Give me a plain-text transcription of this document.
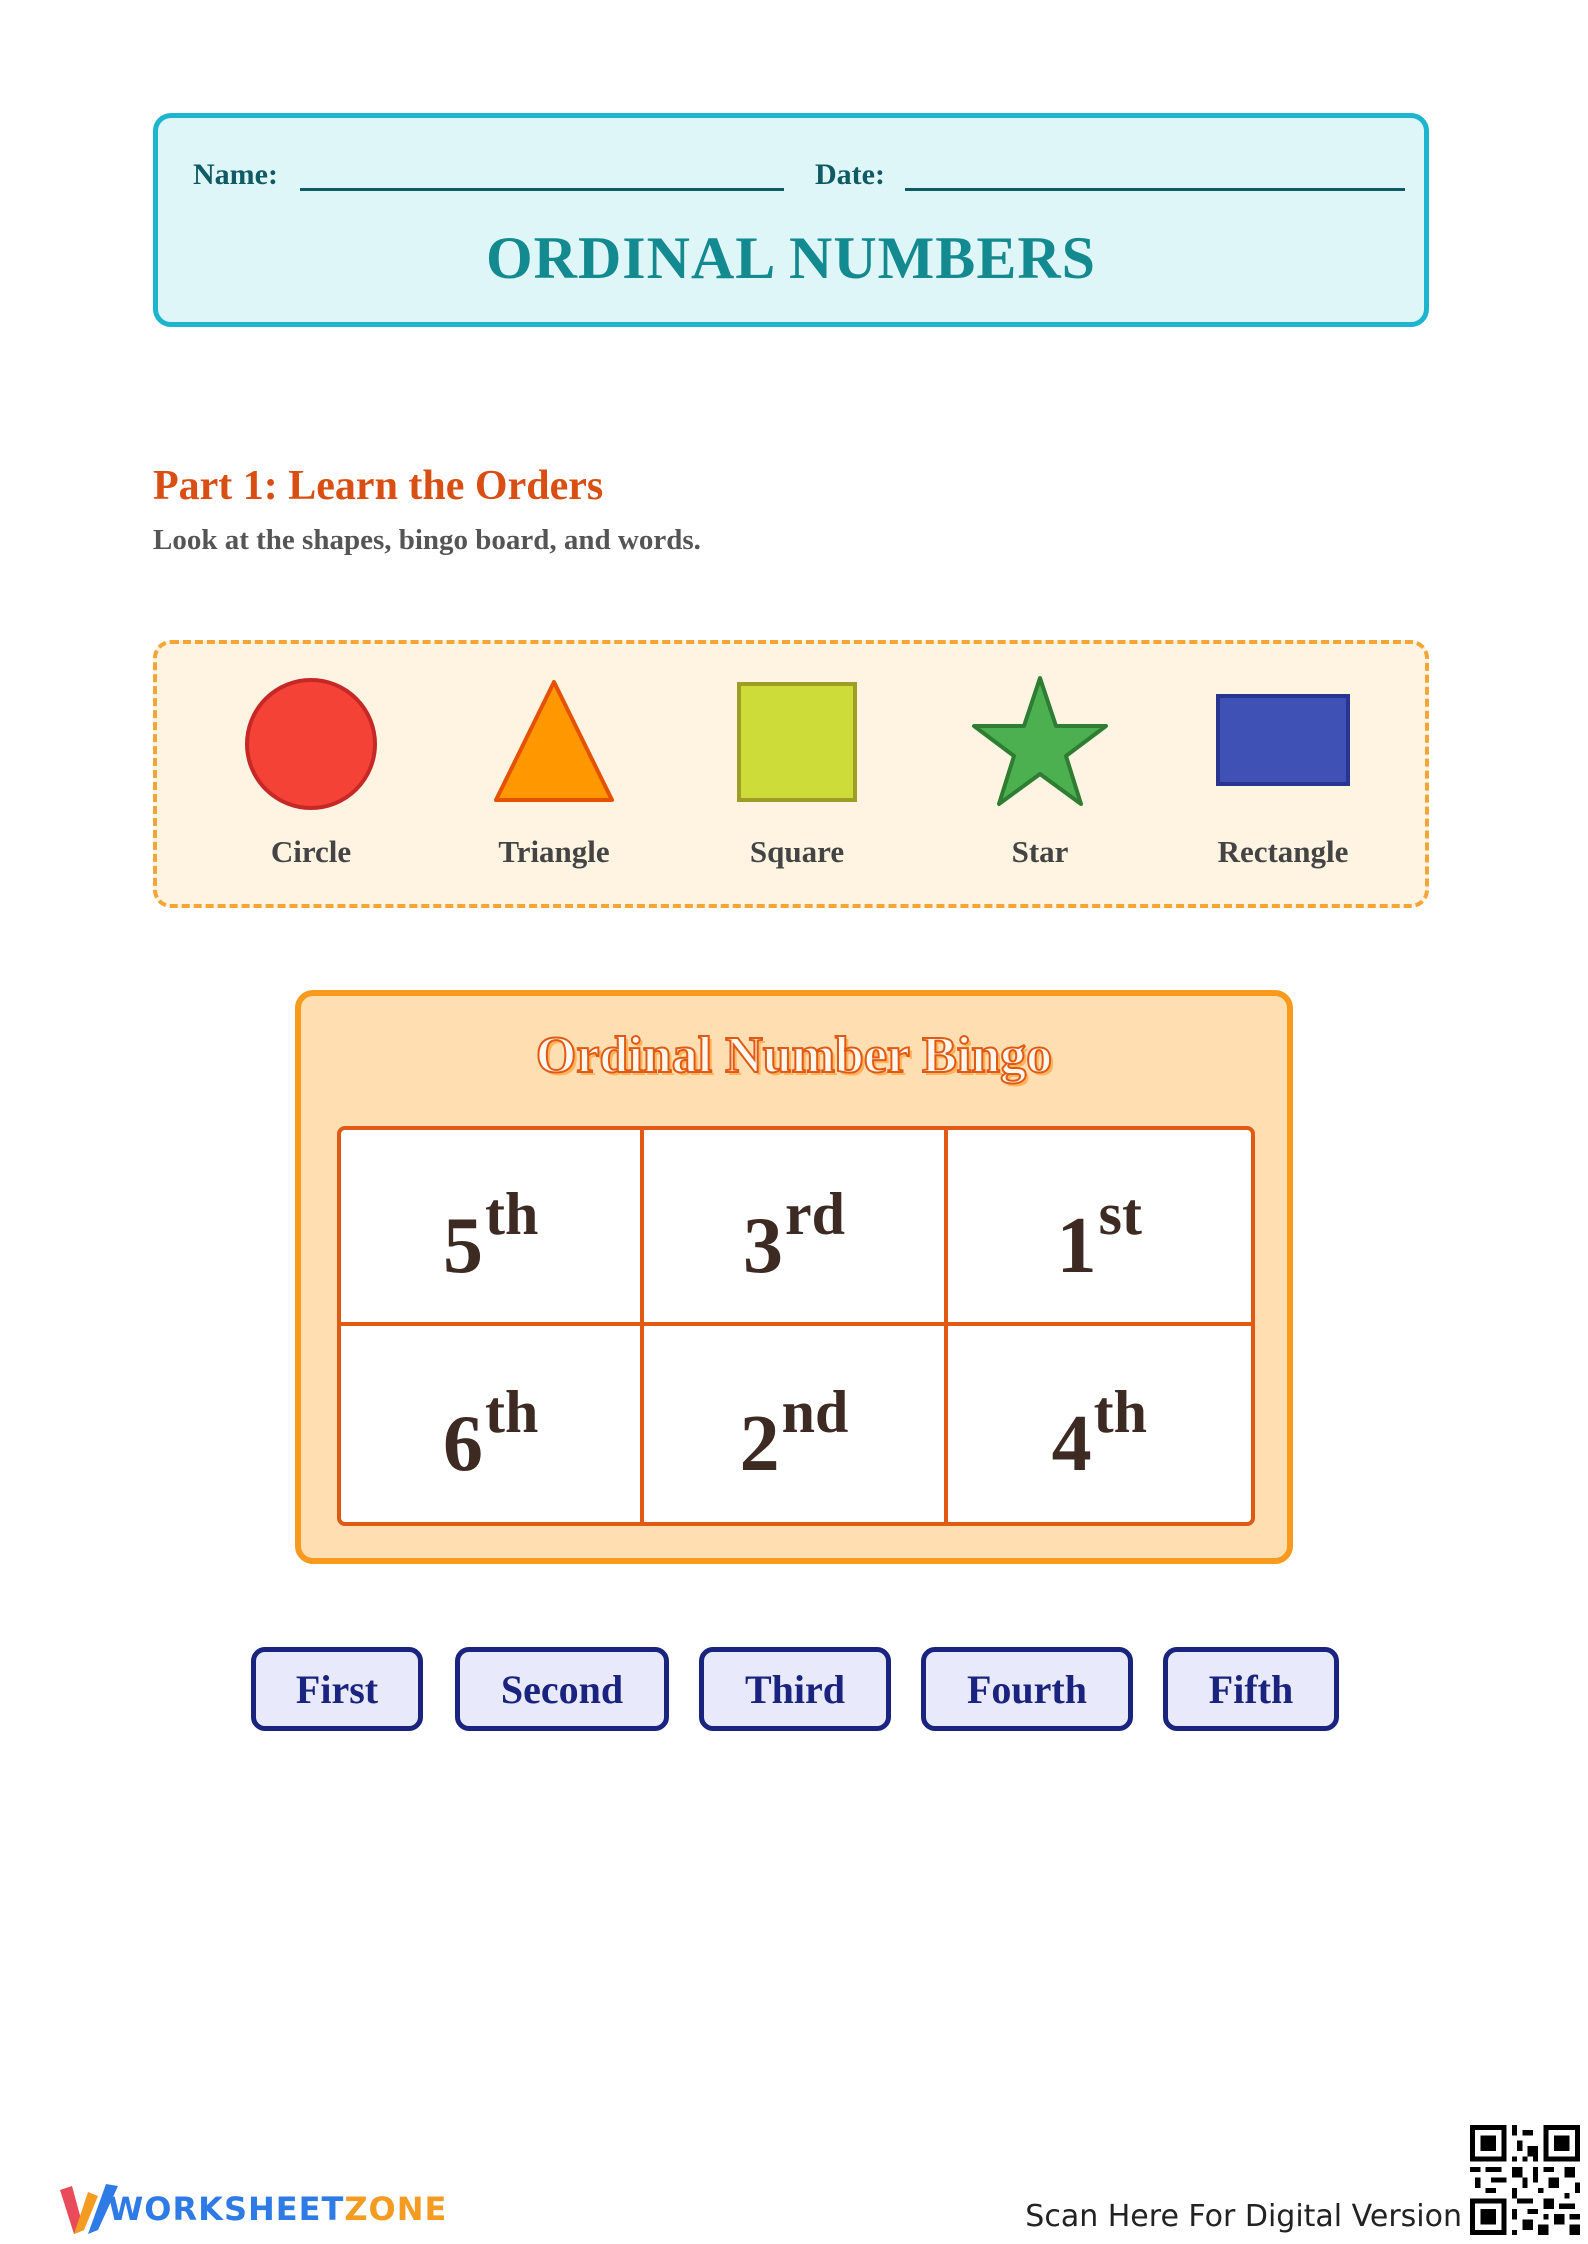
Name:	Date:
ORDINAL NUMBERS
Part 1: Learn the Orders
Look at the shapes, bingo board, and words.
Circle	Triangle	Square	Star	Rectangle
Ordinal Number Bingo
5 th	3 rd	1 st
6 th	2 nd	4 th
First	Second	Third	Fourth	Fifth
WORKSHEETZONE	Scan Here For Digital Version
